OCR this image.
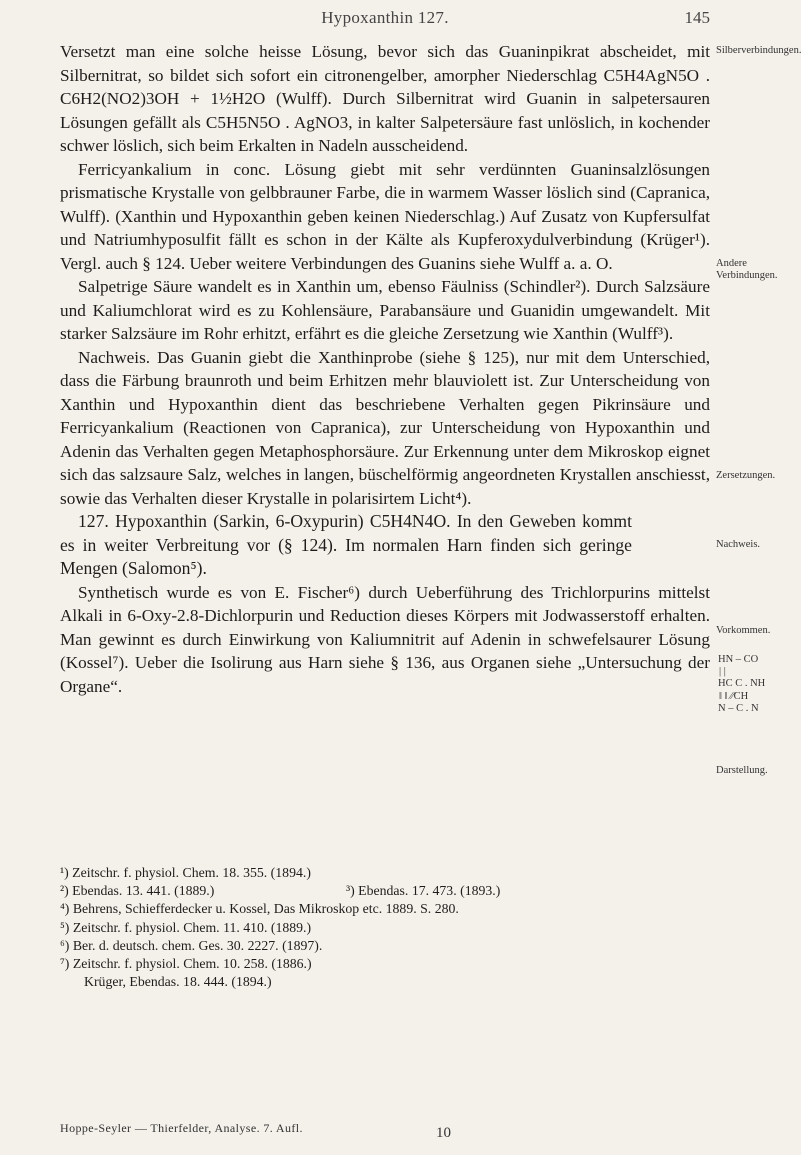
Hypoxanthin 127.	145

Versetzt man eine solche heisse Lösung, bevor sich das Guaninpikrat abscheidet, mit Silbernitrat, so bildet sich sofort ein citronengelber, amorpher Niederschlag C5H4AgN5O . C6H2(NO2)3OH + 1½H2O (Wulff). Durch Silbernitrat wird Guanin in salpetersauren Lösungen gefällt als C5H5N5O . AgNO3, in kalter Salpetersäure fast unlöslich, in kochender schwer löslich, sich beim Erkalten in Nadeln ausscheidend.

Ferricyankalium in conc. Lösung giebt mit sehr verdünnten Guaninsalzlösungen prismatische Krystalle von gelbbrauner Farbe, die in warmem Wasser löslich sind (Capranica, Wulff). (Xanthin und Hypoxanthin geben keinen Niederschlag.) Auf Zusatz von Kupfersulfat und Natriumhyposulfit fällt es schon in der Kälte als Kupferoxydulverbindung (Krüger¹). Vergl. auch § 124. Ueber weitere Verbindungen des Guanins siehe Wulff a. a. O.

Salpetrige Säure wandelt es in Xanthin um, ebenso Fäulniss (Schindler²). Durch Salzsäure und Kaliumchlorat wird es zu Kohlensäure, Parabansäure und Guanidin umgewandelt. Mit starker Salzsäure im Rohr erhitzt, erfährt es die gleiche Zersetzung wie Xanthin (Wulff³).

Nachweis. Das Guanin giebt die Xanthinprobe (siehe § 125), nur mit dem Unterschied, dass die Färbung braunroth und beim Erhitzen mehr blauviolett ist. Zur Unterscheidung von Xanthin und Hypoxanthin dient das beschriebene Verhalten gegen Pikrinsäure und Ferricyankalium (Reactionen von Capranica), zur Unterscheidung von Hypoxanthin und Adenin das Verhalten gegen Metaphosphorsäure. Zur Erkennung unter dem Mikroskop eignet sich das salzsaure Salz, welches in langen, büschelförmig angeordneten Krystallen anschiesst, sowie das Verhalten dieser Krystalle in polarisirtem Licht⁴).

127. Hypoxanthin (Sarkin, 6-Oxypurin) C5H4N4O. In den Geweben kommt es in weiter Verbreitung vor (§ 124). Im normalen Harn finden sich geringe Mengen (Salomon⁵).

Synthetisch wurde es von E. Fischer⁶) durch Ueberführung des Trichlorpurins mittelst Alkali in 6-Oxy-2.8-Dichlorpurin und Reduction dieses Körpers mit Jodwasserstoff erhalten. Man gewinnt es durch Einwirkung von Kaliumnitrit auf Adenin in schwefelsaurer Lösung (Kossel⁷). Ueber die Isolirung aus Harn siehe § 136, aus Organen siehe „Untersuchung der Organe“.

Silberverbindungen.
Andere Verbindungen.
Zersetzungen.
Nachweis.
Vorkommen.
HN – CO
| |
HC C . NH
‖ ‖ ⁄⁄CH
N – C . N
Darstellung.
¹) Zeitschr. f. physiol. Chem. 18. 355. (1894.)
²) Ebendas. 13. 441. (1889.)	³) Ebendas. 17. 473. (1893.)
⁴) Behrens, Schiefferdecker u. Kossel, Das Mikroskop etc. 1889. S. 280.
⁵) Zeitschr. f. physiol. Chem. 11. 410. (1889.)
⁶) Ber. d. deutsch. chem. Ges. 30. 2227. (1897).
⁷) Zeitschr. f. physiol. Chem. 10. 258. (1886.)
Krüger, Ebendas. 18. 444. (1894.)
Hoppe-Seyler — Thierfelder, Analyse. 7. Aufl.	10
